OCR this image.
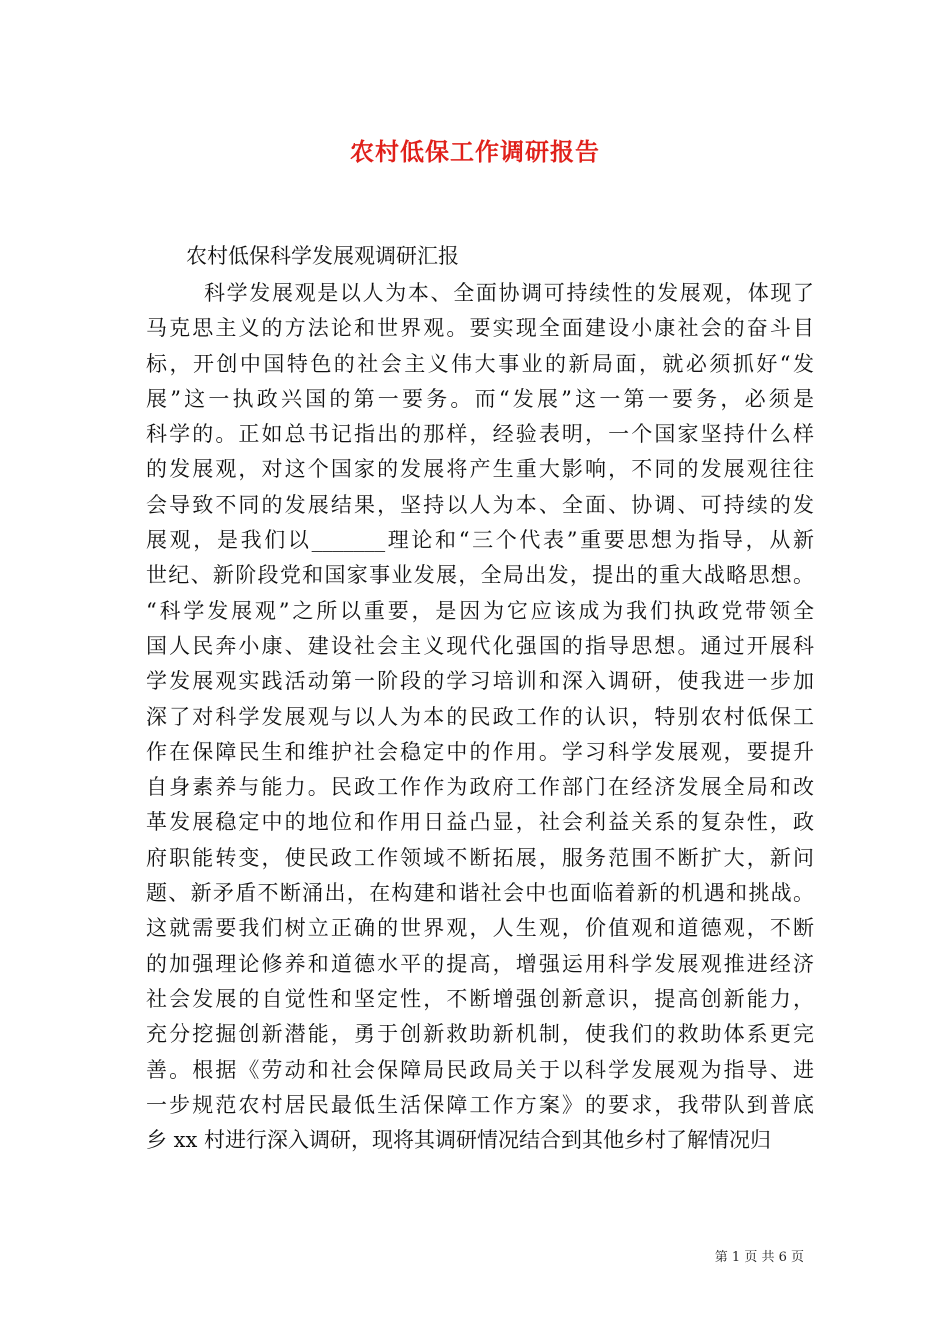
农村低保工作调研报告
农村低保科学发展观调研汇报
科学发展观是以人为本、全面协调可持续性的发展观，体现了
马克思主义的方法论和世界观。要实现全面建设小康社会的奋斗目
标，开创中国特色的社会主义伟大事业的新局面，就必须抓好“发
展”这一执政兴国的第一要务。而“发展”这一第一要务，必须是
科学的。正如总书记指出的那样，经验表明，一个国家坚持什么样
的发展观，对这个国家的发展将产生重大影响，不同的发展观往往
会导致不同的发展结果，坚持以人为本、全面、协调、可持续的发
展观，是我们以_______理论和“三个代表”重要思想为指导，从新
世纪、新阶段党和国家事业发展，全局出发，提出的重大战略思想。
“科学发展观”之所以重要，是因为它应该成为我们执政党带领全
国人民奔小康、建设社会主义现代化强国的指导思想。通过开展科
学发展观实践活动第一阶段的学习培训和深入调研，使我进一步加
深了对科学发展观与以人为本的民政工作的认识，特别农村低保工
作在保障民生和维护社会稳定中的作用。学习科学发展观，要提升
自身素养与能力。民政工作作为政府工作部门在经济发展全局和改
革发展稳定中的地位和作用日益凸显，社会利益关系的复杂性，政
府职能转变，使民政工作领域不断拓展，服务范围不断扩大，新问
题、新矛盾不断涌出，在构建和谐社会中也面临着新的机遇和挑战。
这就需要我们树立正确的世界观，人生观，价值观和道德观，不断
的加强理论修养和道德水平的提高，增强运用科学发展观推进经济
社会发展的自觉性和坚定性，不断增强创新意识，提高创新能力，
充分挖掘创新潜能，勇于创新救助新机制，使我们的救助体系更完
善。根据《劳动和社会保障局民政局关于以科学发展观为指导、进
一步规范农村居民最低生活保障工作方案》的要求，我带队到普底
乡 xx 村进行深入调研，现将其调研情况结合到其他乡村了解情况归
第 1 页 共 6 页
